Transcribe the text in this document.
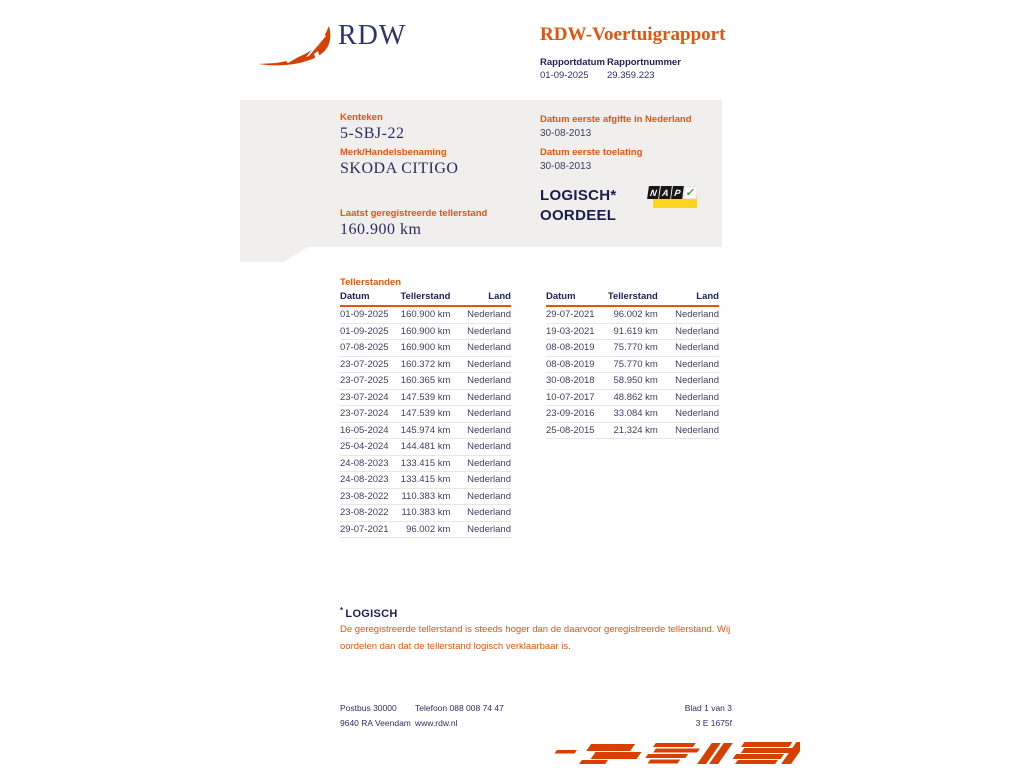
RDW	RDW-Voertuigrapport
Rapportdatum
01-09-2025
Rapportnummer
29.359.223
Kenteken
5-SBJ-22
Merk/Handelsbenaming
SKODA CITIGO
Laatst geregistreerde tellerstand
160.900 km
Datum eerste afgifte in Nederland
30-08-2013
Datum eerste toelating
30-08-2013
LOGISCH*
OORDEEL
N A P ✓
Tellerstanden
Datum	Tellerstand	Land
01-09-2025	160.900 km	Nederland
01-09-2025	160.900 km	Nederland
07-08-2025	160.900 km	Nederland
23-07-2025	160.372 km	Nederland
23-07-2025	160.365 km	Nederland
23-07-2024	147.539 km	Nederland
23-07-2024	147.539 km	Nederland
16-05-2024	145.974 km	Nederland
25-04-2024	144.481 km	Nederland
24-08-2023	133.415 km	Nederland
24-08-2023	133.415 km	Nederland
23-08-2022	110.383 km	Nederland
23-08-2022	110.383 km	Nederland
29-07-2021	96.002 km	Nederland
Datum	Tellerstand	Land
29-07-2021	96.002 km	Nederland
19-03-2021	91.619 km	Nederland
08-08-2019	75.770 km	Nederland
08-08-2019	75.770 km	Nederland
30-08-2018	58.950 km	Nederland
10-07-2017	48.862 km	Nederland
23-09-2016	33.084 km	Nederland
25-08-2015	21.324 km	Nederland
* LOGISCH
De geregistreerde tellerstand is steeds hoger dan de daarvoor geregistreerde tellerstand. Wij oordelen dan dat de tellerstand logisch verklaarbaar is.
Postbus 30000
9640 RA Veendam
Telefoon 088 008 74 47
www.rdw.nl
Blad 1 van 3
3 E 1675f
